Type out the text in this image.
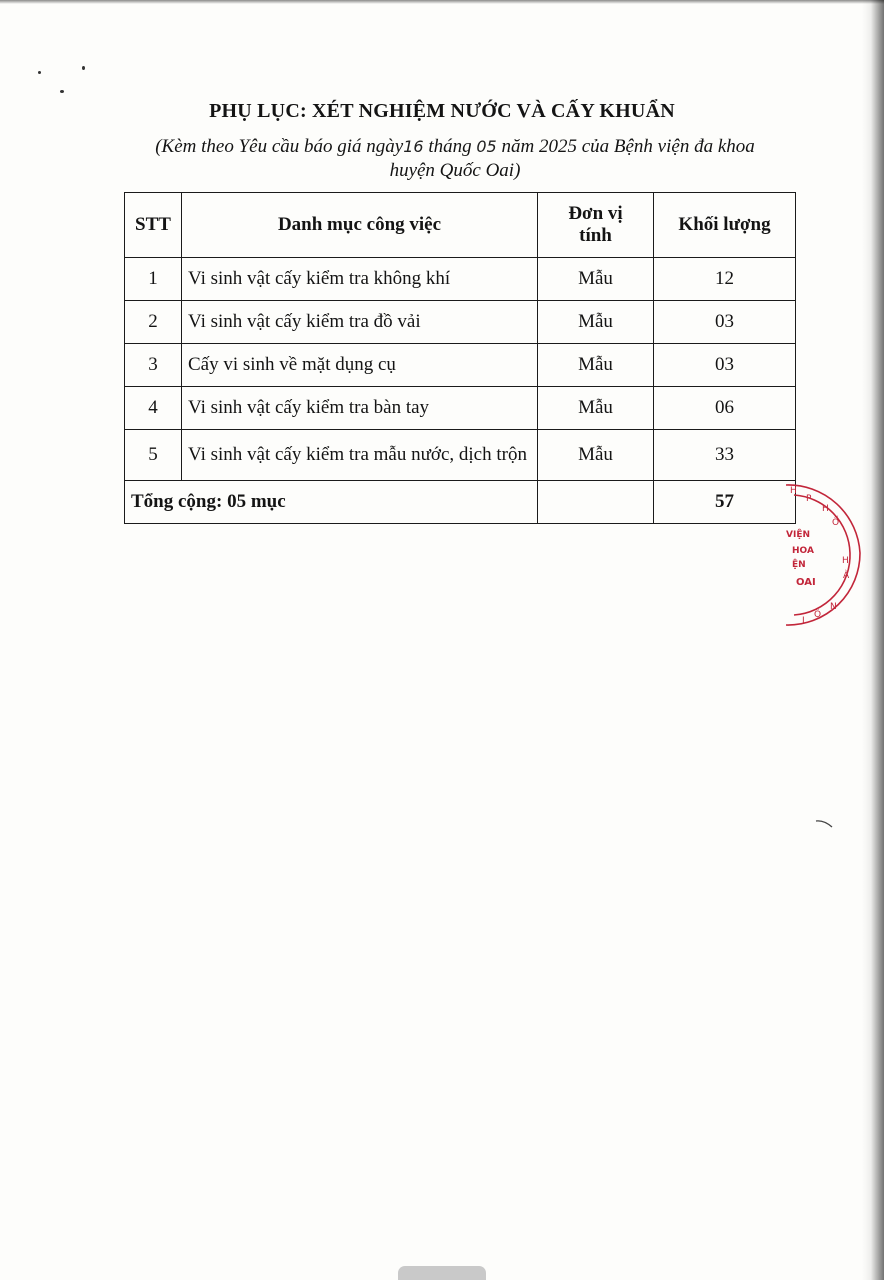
PHỤ LỤC: XÉT NGHIỆM NƯỚC VÀ CẤY KHUẨN
(Kèm theo Yêu cầu báo giá ngày16 tháng 05 năm 2025 của Bệnh viện đa khoa
huyện Quốc Oai)
STT	Danh mục công việc	Đơn vị tính	Khối lượng
1	Vi sinh vật cấy kiểm tra không khí	Mẫu	12
2	Vi sinh vật cấy kiểm tra đồ vải	Mẫu	03
3	Cấy vi sinh về mặt dụng cụ	Mẫu	03
4	Vi sinh vật cấy kiểm tra bàn tay	Mẫu	06
5	Vi sinh vật cấy kiểm tra mẫu nước, dịch trộn	Mẫu	33
Tổng cộng: 05 mục			57	H
P
H
Ố
H
À
N
Ộ
I
VIỆN
HOA
ỆN
OAI
